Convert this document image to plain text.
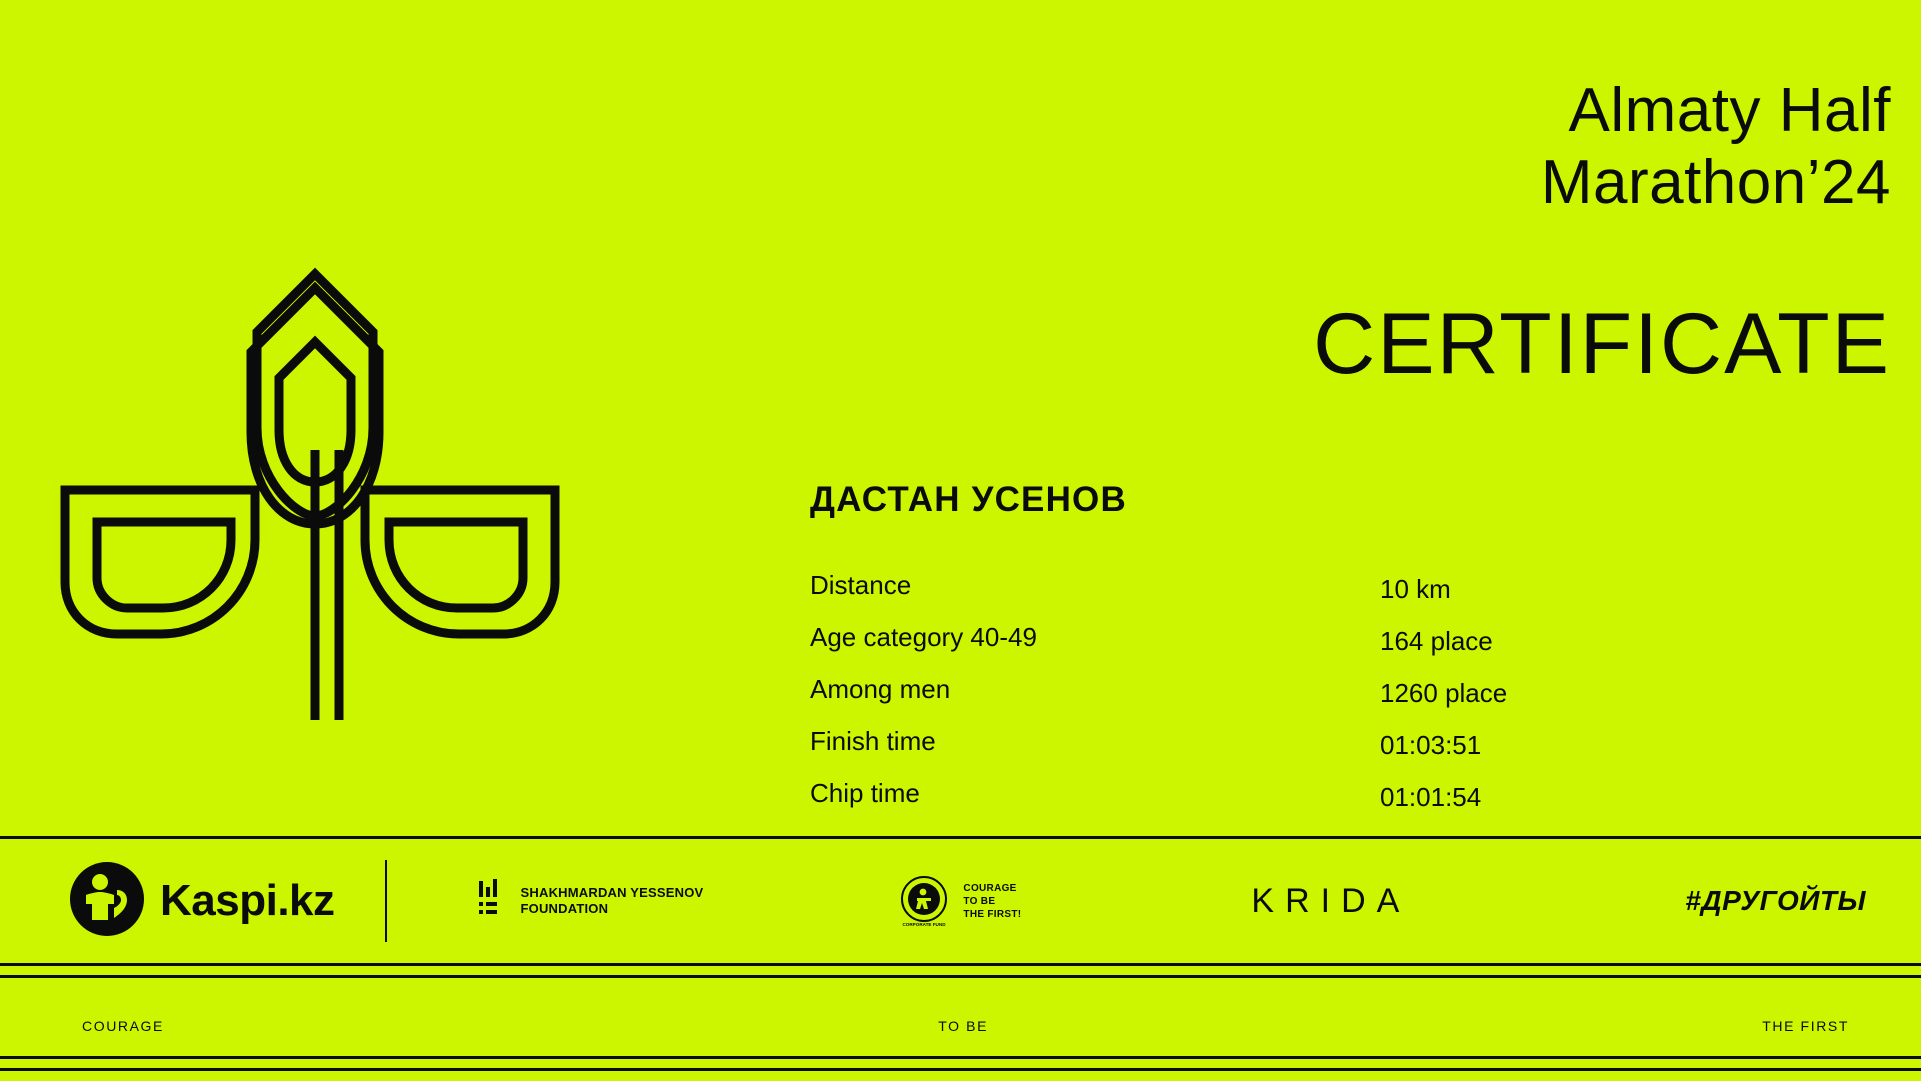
Almaty Half
Marathon’24
CERTIFICATE
ДАСТАН УСЕНОВ
Distance	10 km
Age category 40-49	164 place
Among men	1260 place
Finish time	01:03:51
Chip time	01:01:54
Kaspi.kz	SHAKHMARDAN YESSENOV
FOUNDATION
CORPORATE FUND
COURAGE
TO BE
THE FIRST!	KRIDA	#ДРУГОЙТЫ
COURAGE	TO BE	THE FIRST
